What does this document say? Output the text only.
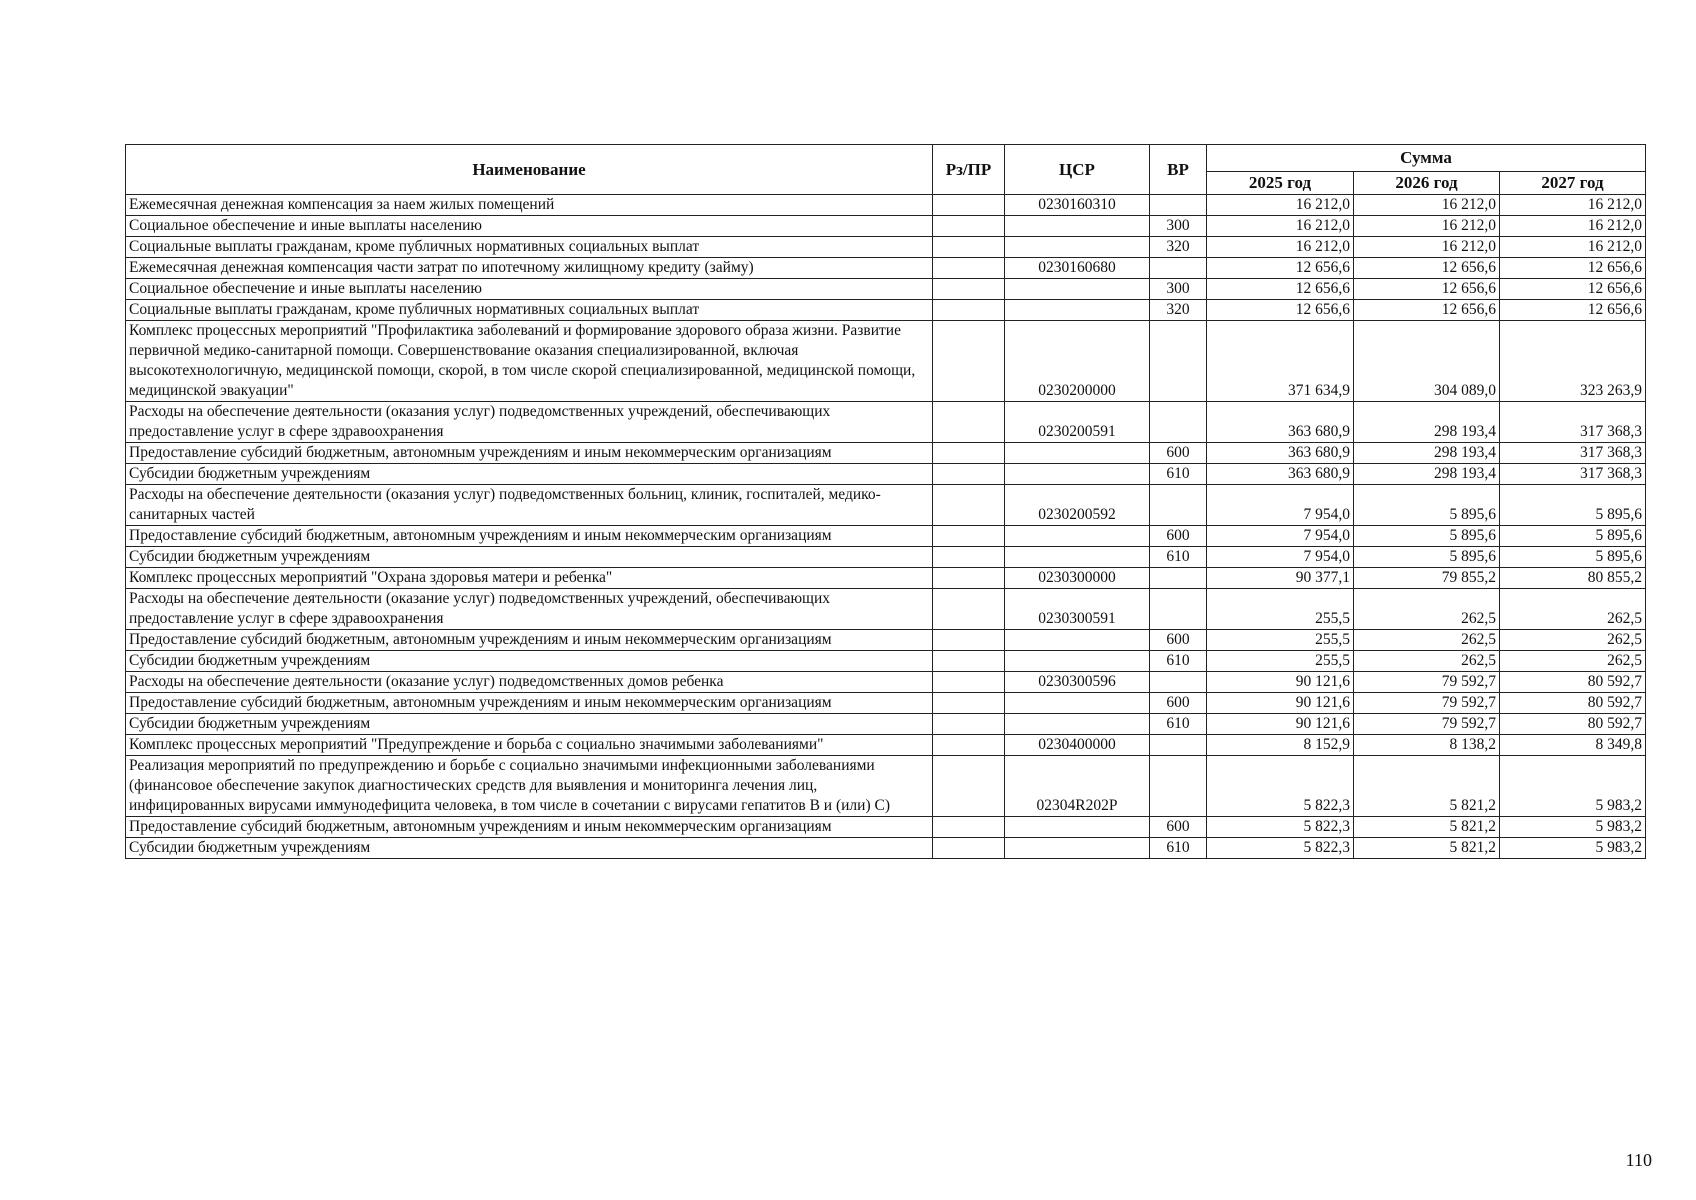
Наименование	Рз/ПР	ЦСР	ВР	Сумма		
				2025 год	2026 год	2027 год
Ежемесячная денежная компенсация за наем жилых помещений		0230160310		16 212,0	16 212,0	16 212,0
Социальное обеспечение и иные выплаты населению			300	16 212,0	16 212,0	16 212,0
Социальные выплаты гражданам, кроме публичных нормативных социальных выплат			320	16 212,0	16 212,0	16 212,0
Ежемесячная денежная компенсация части затрат по ипотечному жилищному кредиту (займу)		0230160680		12 656,6	12 656,6	12 656,6
Социальное обеспечение и иные выплаты населению			300	12 656,6	12 656,6	12 656,6
Социальные выплаты гражданам, кроме публичных нормативных социальных выплат			320	12 656,6	12 656,6	12 656,6
Комплекс процессных мероприятий "Профилактика заболеваний и формирование здорового образа жизни. Развитие первичной медико-санитарной помощи. Совершенствование оказания специализированной, включая высокотехнологичную, медицинской помощи, скорой, в том числе скорой специализированной, медицинской помощи, медицинской эвакуации"		0230200000		371 634,9	304 089,0	323 263,9
Расходы на обеспечение деятельности (оказания услуг) подведомственных учреждений, обеспечивающих предоставление услуг в сфере здравоохранения		0230200591		363 680,9	298 193,4	317 368,3
Предоставление субсидий бюджетным, автономным учреждениям и иным некоммерческим организациям			600	363 680,9	298 193,4	317 368,3
Субсидии бюджетным учреждениям			610	363 680,9	298 193,4	317 368,3
Расходы на обеспечение деятельности (оказания услуг) подведомственных больниц, клиник, госпиталей, медико-санитарных частей		0230200592		7 954,0	5 895,6	5 895,6
Предоставление субсидий бюджетным, автономным учреждениям и иным некоммерческим организациям			600	7 954,0	5 895,6	5 895,6
Субсидии бюджетным учреждениям			610	7 954,0	5 895,6	5 895,6
Комплекс процессных мероприятий "Охрана здоровья матери и ребенка"		0230300000		90 377,1	79 855,2	80 855,2
Расходы на обеспечение деятельности (оказание услуг) подведомственных учреждений, обеспечивающих предоставление услуг в сфере здравоохранения		0230300591		255,5	262,5	262,5
Предоставление субсидий бюджетным, автономным учреждениям и иным некоммерческим организациям			600	255,5	262,5	262,5
Субсидии бюджетным учреждениям			610	255,5	262,5	262,5
Расходы на обеспечение деятельности (оказание услуг) подведомственных домов ребенка		0230300596		90 121,6	79 592,7	80 592,7
Предоставление субсидий бюджетным, автономным учреждениям и иным некоммерческим организациям			600	90 121,6	79 592,7	80 592,7
Субсидии бюджетным учреждениям			610	90 121,6	79 592,7	80 592,7
Комплекс процессных мероприятий "Предупреждение и борьба с социально значимыми заболеваниями"		0230400000		8 152,9	8 138,2	8 349,8
Реализация мероприятий по предупреждению и борьбе с социально значимыми инфекционными заболеваниями (финансовое обеспечение закупок диагностических средств для выявления и мониторинга лечения лиц, инфицированных вирусами иммунодефицита человека, в том числе в сочетании с вирусами гепатитов В и (или) С)		02304R202P		5 822,3	5 821,2	5 983,2
Предоставление субсидий бюджетным, автономным учреждениям и иным некоммерческим организациям			600	5 822,3	5 821,2	5 983,2
Субсидии бюджетным учреждениям			610	5 822,3	5 821,2	5 983,2
110
